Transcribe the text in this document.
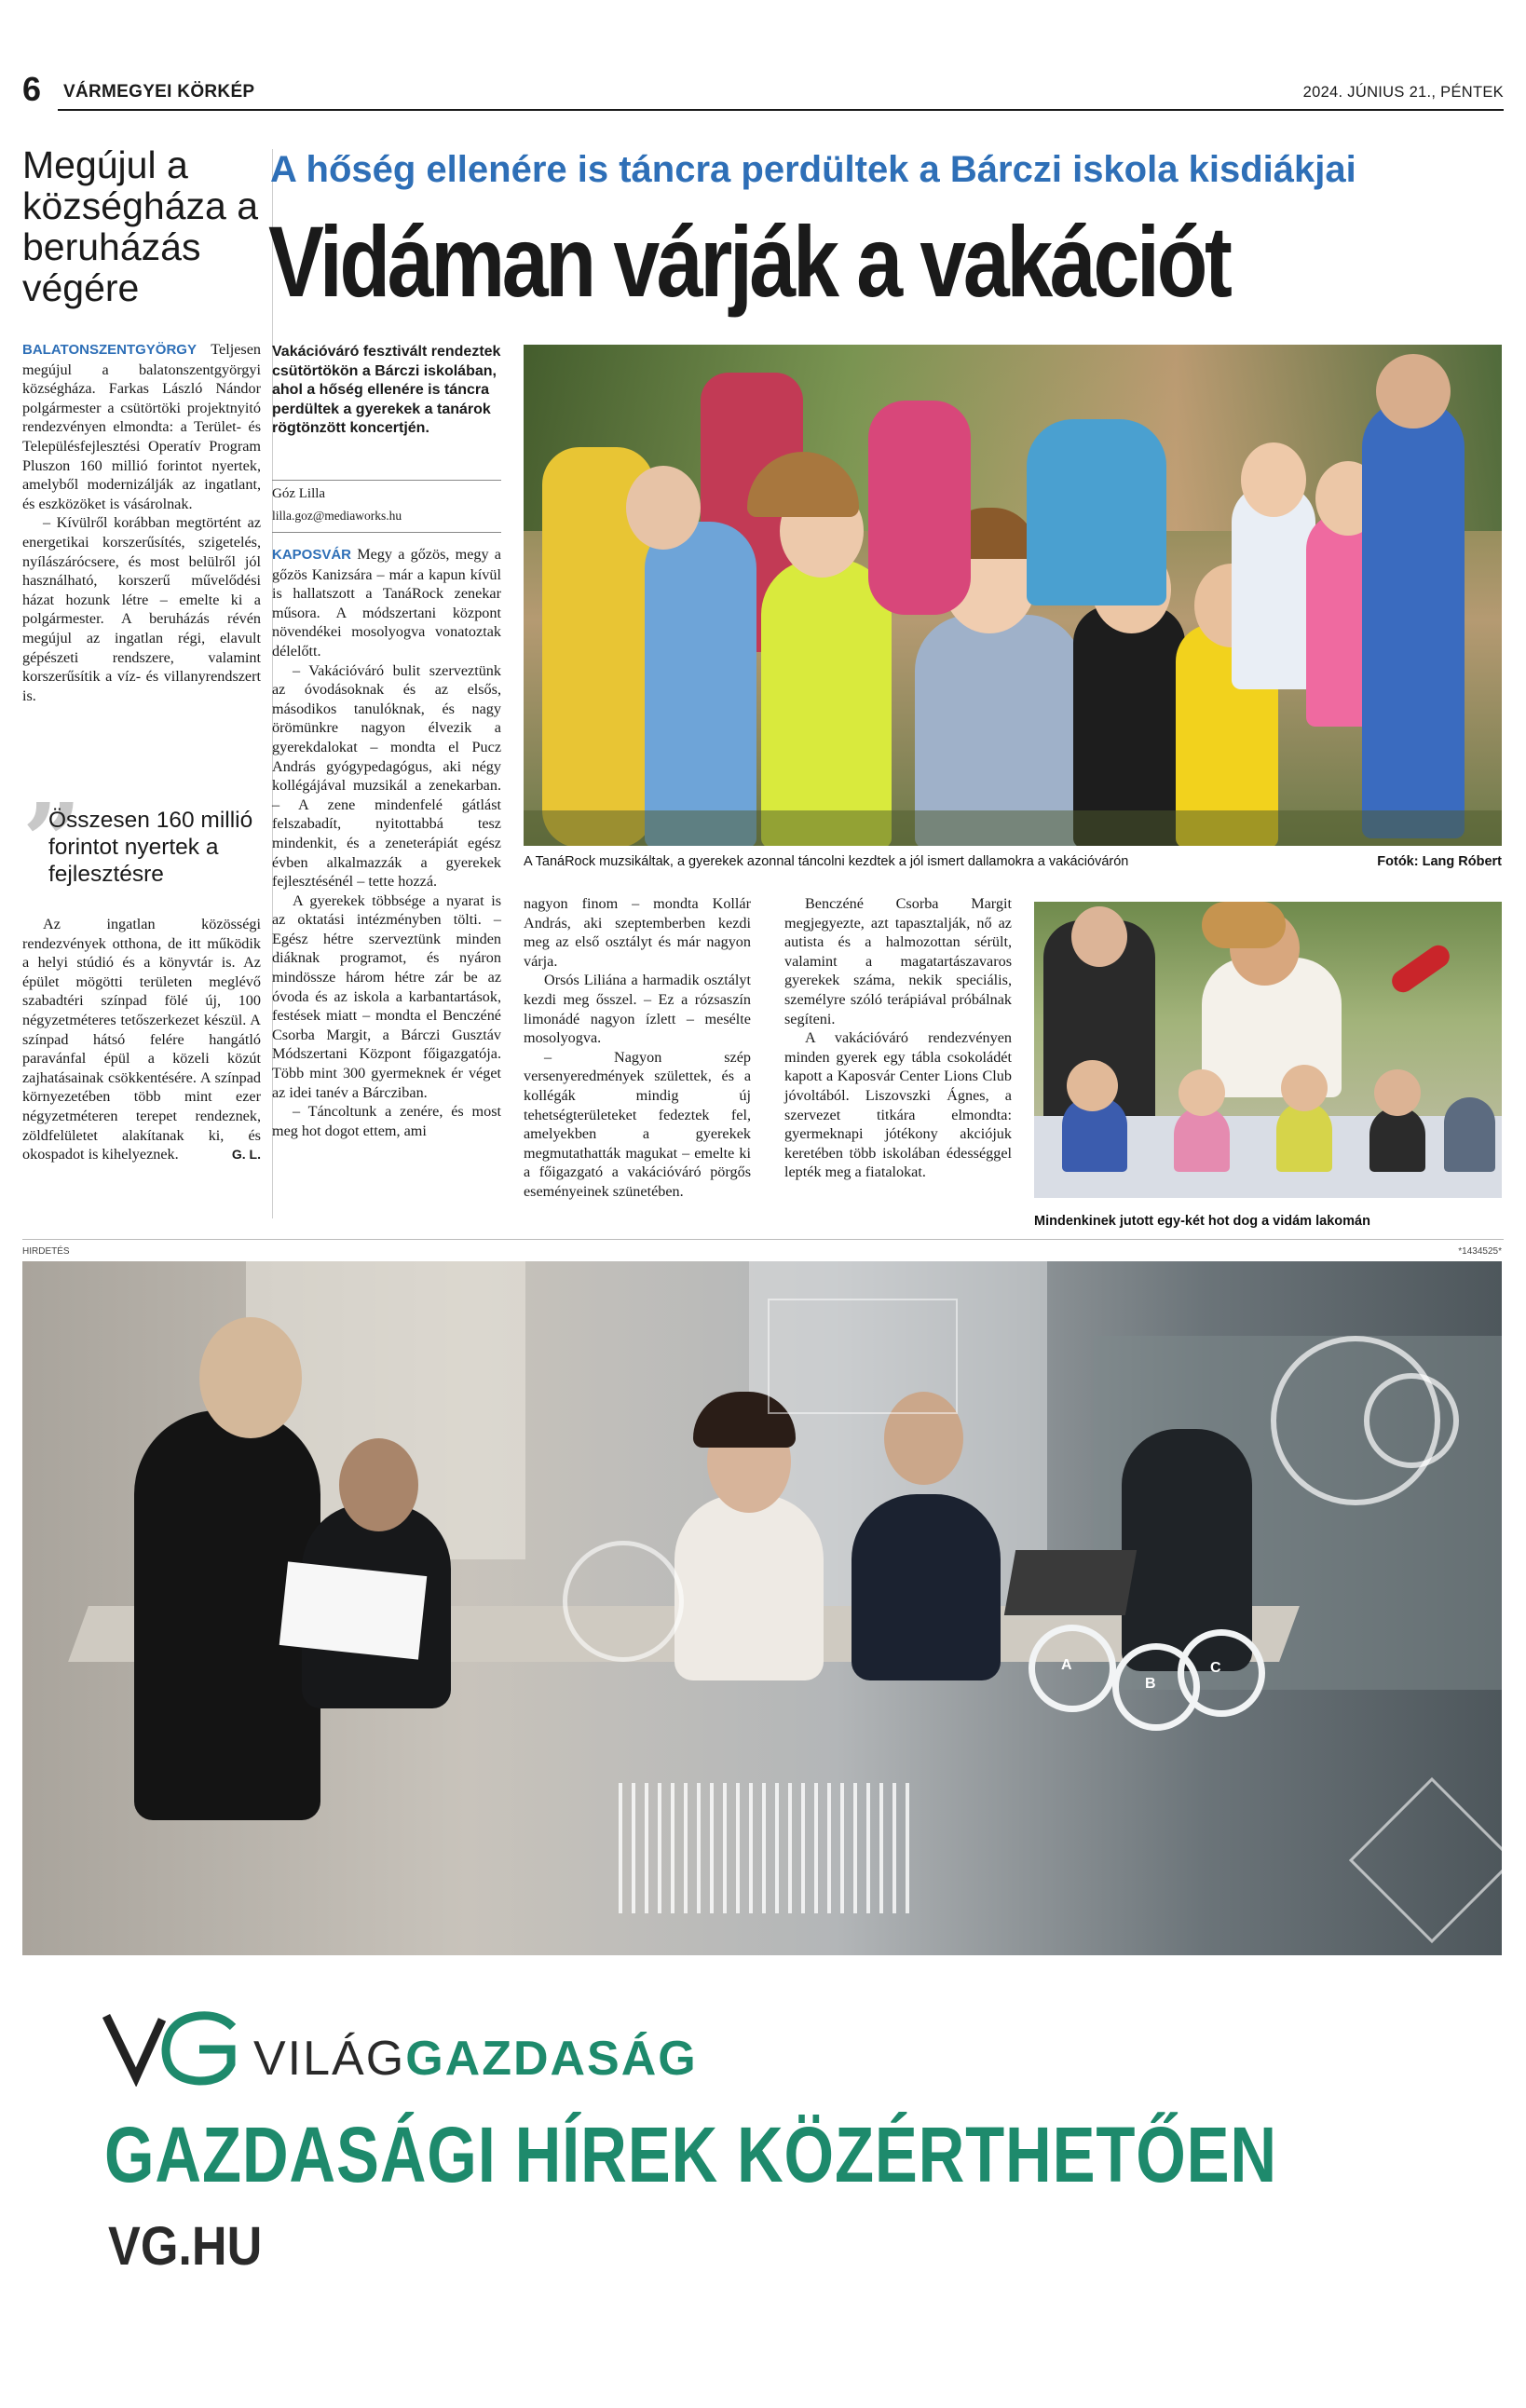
6 VÁRMEGYEI KÖRKÉP	2024. JÚNIUS 21., PÉNTEK
Megújul a községháza a beruházás végére

BALATONSZENTGYÖRGY Teljesen megújul a balatonszentgyörgyi községháza. Farkas László Nándor polgármester a csütörtöki projektnyitó rendezvényen elmondta: a Terület- és Településfejlesztési Operatív Program Pluszon 160 millió forintot nyertek, amelyből modernizálják az ingatlant, és eszközöket is vásárolnak.

– Kívülről korábban megtörtént az energetikai korszerűsítés, szigetelés, nyílászárócsere, és most belülről jól használható, korszerű művelődési házat hozunk létre – emelte ki a polgármester. A beruházás révén megújul az ingatlan régi, elavult gépészeti rendszere, valamint korszerűsítik a víz- és villanyrendszert is.

”
Összesen 160 millió forintot nyertek a fejlesztésre

Az ingatlan közösségi rendezvények otthona, de itt működik a helyi stúdió és a könyvtár is. Az épület mögötti területen meglévő szabadtéri színpad fölé új, 100 négyzetméteres tetőszerkezet készül. A színpad hátsó felére hangátló paravánfal épül a közeli közút zajhatásainak csökkentésére. A színpad környezetében több mint ezer négyzetméteren terepet rendeznek, zöldfelületet alakítanak ki, és okospadot is kihelyeznek.	G. L.

A hőség ellenére is táncra perdültek a Bárczi iskola kisdiákjai
Vidáman várják a vakációt
Vakációváró fesztivált rendeztek csütörtökön a Bárczi iskolában, ahol a hőség ellenére is táncra perdültek a gyerekek a tanárok rögtönzött koncertjén.
Góz Lilla
lilla.goz@mediaworks.hu
A TanáRock muzsikáltak, a gyerekek azonnal táncolni kezdtek a jól ismert dallamokra a vakációvárón	Fotók: Lang Róbert

KAPOSVÁR Megy a gőzös, megy a gőzös Kanizsára – már a kapun kívül is hallatszott a TanáRock zenekar műsora. A módszertani központ növendékei mosolyogva vonatoztak délelőtt.

– Vakációváró bulit szerveztünk az óvodásoknak és az elsős, másodikos tanulóknak, és nagy örömünkre nagyon élvezik a gyerekdalokat – mondta el Pucz András gyógypedagógus, aki négy kollégájával muzsikál a zenekarban. – A zene mindenfelé gátlást felszabadít, nyitottabbá tesz mindenkit, és a zeneterápiát egész évben alkalmazzák a gyerekek fejlesztésénél – tette hozzá.

A gyerekek többsége a nyarat is az oktatási intézményben tölti. – Egész hétre szerveztünk minden diáknak programot, és nyáron mindössze három hétre zár be az óvoda és az iskola a karbantartások, festések miatt – mondta el Benczéné Csorba Margit, a Bárczi Gusztáv Módszertani Központ főigazgatója. Több mint 300 gyermeknek ér véget az idei tanév a Bárcziban.

– Táncoltunk a zenére, és most meg hot dogot ettem, ami

nagyon finom – mondta Kollár András, aki szeptemberben kezdi meg az első osztályt és már nagyon várja.

Orsós Liliána a harmadik osztályt kezdi meg ősszel. – Ez a rózsaszín limonádé nagyon ízlett – mesélte mosolyogva.

– Nagyon szép versenyeredmények születtek, és a kollégák mindig új tehetségterületeket fedeztek fel, amelyekben a gyerekek megmutathatták magukat – emelte ki a főigazgató a vakációváró pörgős eseményeinek szünetében.

Benczéné Csorba Margit megjegyezte, azt tapasztalják, nő az autista és a halmozottan sérült, valamint a magatartászavaros gyerekek száma, nekik speciális, személyre szóló terápiával próbálnak segíteni.

A vakációváró rendezvényen minden gyerek egy tábla csokoládét kapott a Kaposvár Center Lions Club jóvoltából. Liszovszki Ágnes, a szervezet titkára elmondta: gyermeknapi jótékony akciójuk keretében több iskolában édességgel lepték meg a fiatalokat.

Mindenkinek jutott egy-két hot dog a vidám lakomán
HIRDETÉS	*1434525*
A
B
C
VILÁGGAZDASÁG
GAZDASÁGI HÍREK KÖZÉRTHETŐEN
VG.HU
